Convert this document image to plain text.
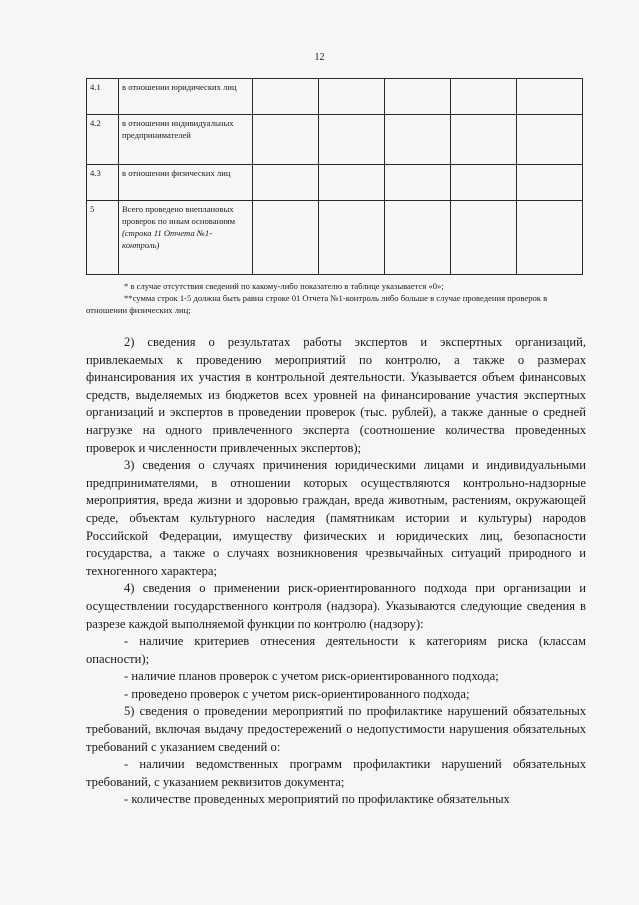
12
4.1	в отношении юридических лиц					
4.2	в отношении индивидуальных предпринимателей					
4.3	в отношении физических лиц					
5	Всего проведено внеплановых проверок по иным основаниям (строка 11 Отчета №1-контроль)					
* в случае отсутствия сведений по какому-либо показателю в таблице указывается «0»;
**сумма строк 1-5 должна быть равна строке 01 Отчета №1-контроль либо больше в случае проведения проверок в отношении физических лиц;

2) сведения о результатах работы экспертов и экспертных организаций, привлекаемых к проведению мероприятий по контролю, а также о размерах финансирования их участия в контрольной деятельности. Указывается объем финансовых средств, выделяемых из бюджетов всех уровней на финансирование участия экспертных организаций и экспертов в проведении проверок (тыс. рублей), а также данные о средней нагрузке на одного привлеченного эксперта (соотношение количества проведенных проверок и численности привлеченных экспертов);

3) сведения о случаях причинения юридическими лицами и индивидуальными предпринимателями, в отношении которых осуществляются контрольно-надзорные мероприятия, вреда жизни и здоровью граждан, вреда животным, растениям, окружающей среде, объектам культурного наследия (памятникам истории и культуры) народов Российской Федерации, имуществу физических и юридических лиц, безопасности государства, а также о случаях возникновения чрезвычайных ситуаций природного и техногенного характера;

4) сведения о применении риск-ориентированного подхода при организации и осуществлении государственного контроля (надзора). Указываются следующие сведения в разрезе каждой выполняемой функции по контролю (надзору):

- наличие критериев отнесения деятельности к категориям риска (классам опасности);

- наличие планов проверок с учетом риск-ориентированного подхода;

- проведено проверок с учетом риск-ориентированного подхода;

5) сведения о проведении мероприятий по профилактике нарушений обязательных требований, включая выдачу предостережений о недопустимости нарушения обязательных требований с указанием сведений о:

- наличии ведомственных программ профилактики нарушений обязательных требований, с указанием реквизитов документа;

- количестве проведенных мероприятий по профилактике обязательных
